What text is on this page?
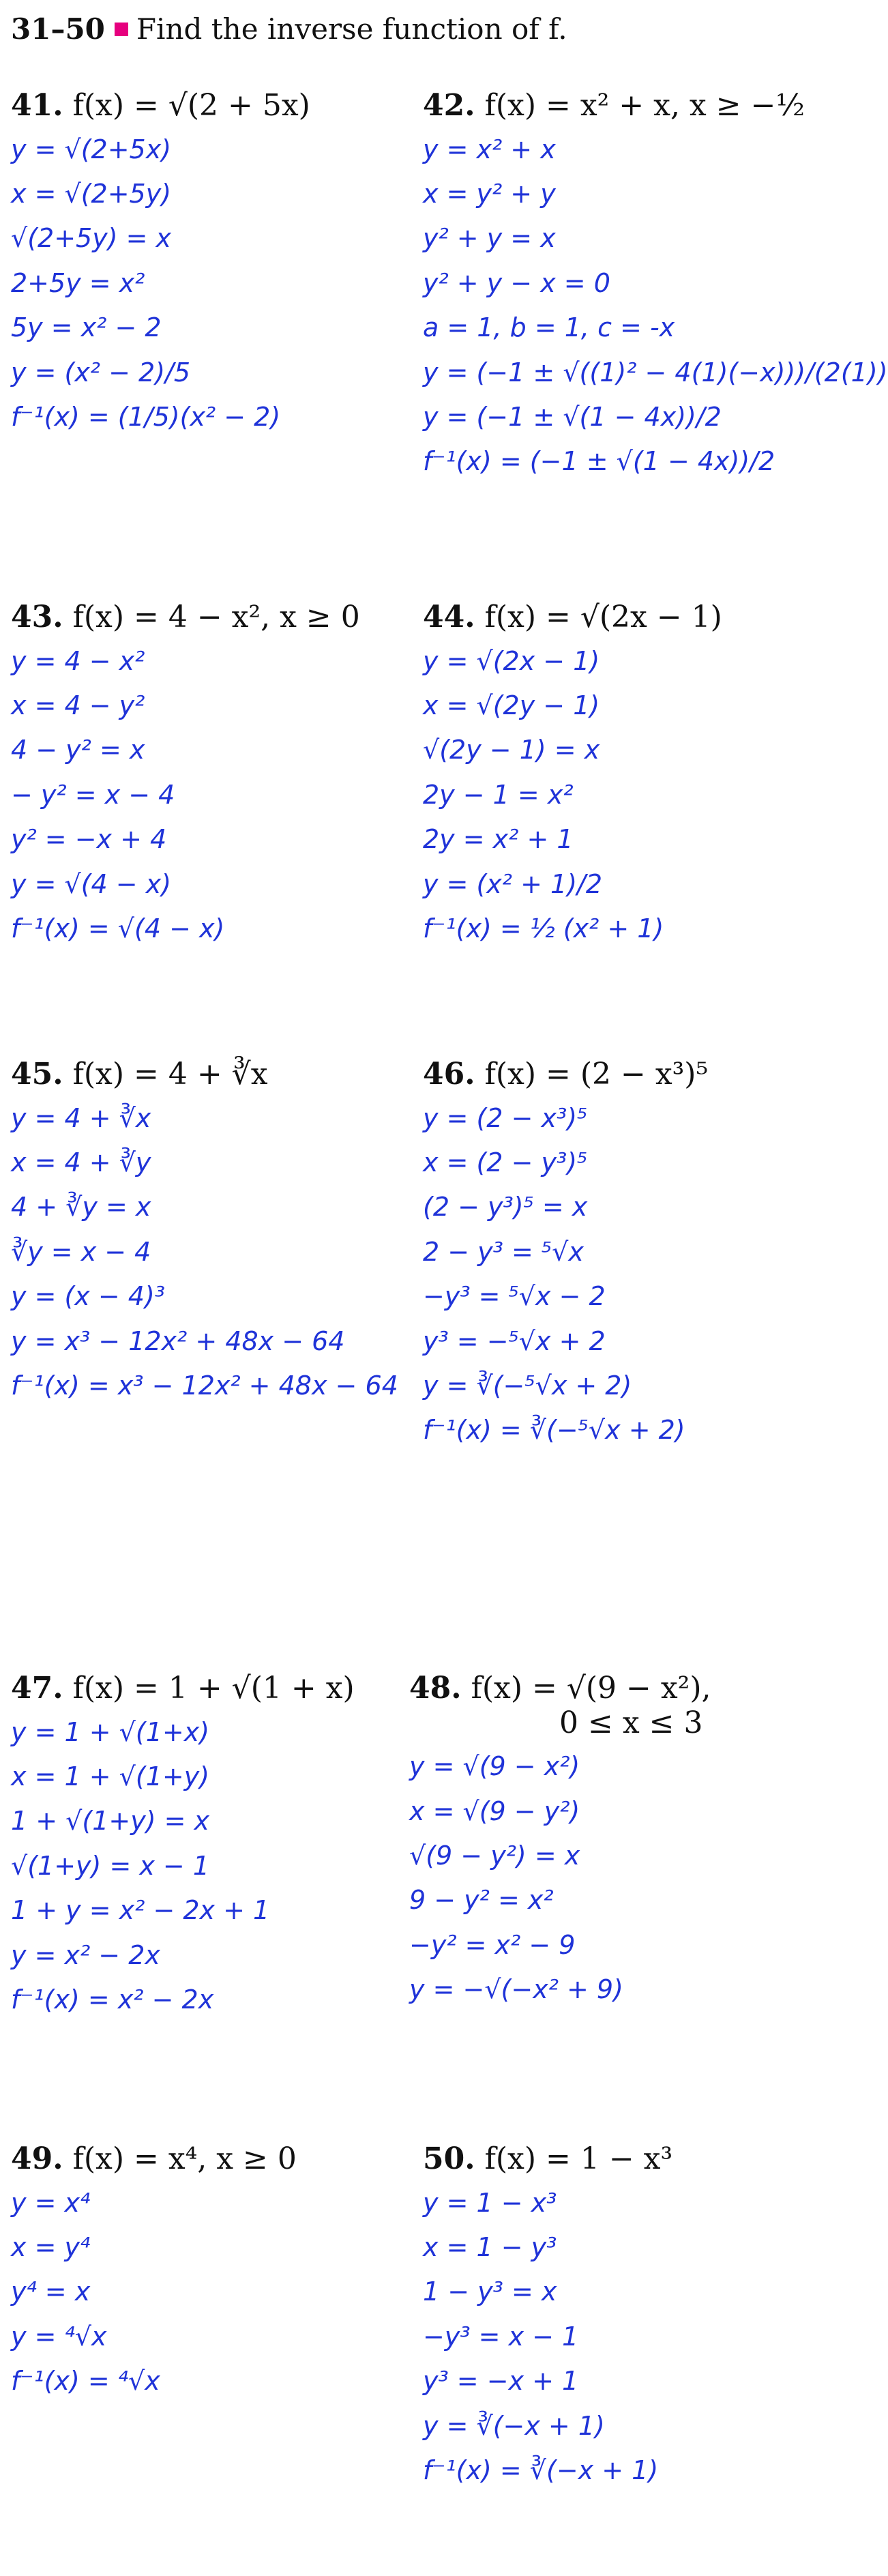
31–50 Find the inverse function of f.
41. f(x) = √(2 + 5x)
y = √(2+5x)
x = √(2+5y)
√(2+5y) = x
2+5y = x²
5y = x² − 2
y = (x² − 2)/5
f⁻¹(x) = (1/5)(x² − 2)
42. f(x) = x² + x, x ≥ −½
y = x² + x
x = y² + y
y² + y = x
y² + y − x = 0
a = 1, b = 1, c = -x
y = (−1 ± √((1)² − 4(1)(−x)))/(2(1))
y = (−1 ± √(1 − 4x))/2
f⁻¹(x) = (−1 ± √(1 − 4x))/2
43. f(x) = 4 − x², x ≥ 0
y = 4 − x²
x = 4 − y²
4 − y² = x
− y² = x − 4
y² = −x + 4
y = √(4 − x)
f⁻¹(x) = √(4 − x)
44. f(x) = √(2x − 1)
y = √(2x − 1)
x = √(2y − 1)
√(2y − 1) = x
2y − 1 = x²
2y = x² + 1
y = (x² + 1)/2
f⁻¹(x) = ½ (x² + 1)
45. f(x) = 4 + ∛x
y = 4 + ∛x
x = 4 + ∛y
4 + ∛y = x
∛y = x − 4
y = (x − 4)³
y = x³ − 12x² + 48x − 64
f⁻¹(x) = x³ − 12x² + 48x − 64
46. f(x) = (2 − x³)⁵
y = (2 − x³)⁵
x = (2 − y³)⁵
(2 − y³)⁵ = x
2 − y³ = ⁵√x
−y³ = ⁵√x − 2
y³ = −⁵√x + 2
y = ∛(−⁵√x + 2)
f⁻¹(x) = ∛(−⁵√x + 2)
47. f(x) = 1 + √(1 + x)
y = 1 + √(1+x)
x = 1 + √(1+y)
1 + √(1+y) = x
√(1+y) = x − 1
1 + y = x² − 2x + 1
y = x² − 2x
f⁻¹(x) = x² − 2x
48. f(x) = √(9 − x²),
0 ≤ x ≤ 3
y = √(9 − x²)
x = √(9 − y²)
√(9 − y²) = x
9 − y² = x²
−y² = x² − 9
y = −√(−x² + 9)
49. f(x) = x⁴, x ≥ 0
y = x⁴
x = y⁴
y⁴ = x
y = ⁴√x
f⁻¹(x) = ⁴√x
50. f(x) = 1 − x³
y = 1 − x³
x = 1 − y³
1 − y³ = x
−y³ = x − 1
y³ = −x + 1
y = ∛(−x + 1)
f⁻¹(x) = ∛(−x + 1)
